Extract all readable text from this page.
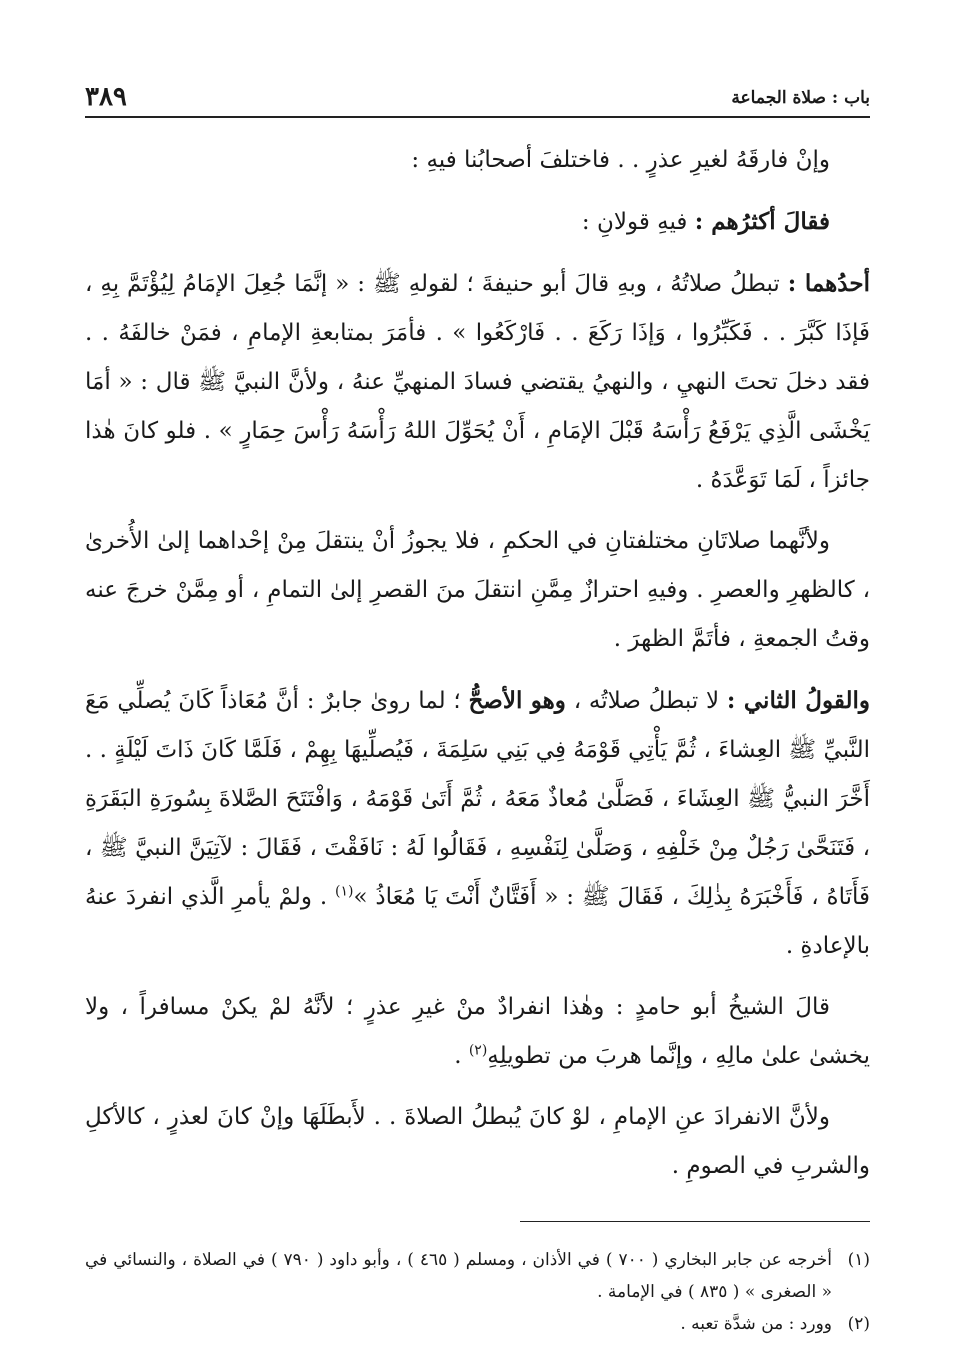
باب : صلاة الجماعة
٣٨٩

وإنْ فارقَهُ لغيرِ عذرٍ . . فاختلفَ أصحابُنا فيهِ :

فقالَ أكثرُهم : فيهِ قولانِ :

أحدُهما : تبطلُ صلاتُهُ ، وبهِ قالَ أبو حنيفةَ ؛ لقولهِ ﷺ : « إنَّمَا جُعِلَ الإمَامُ لِيُؤْتَمَّ بِهِ ، فَإذَا كَبَّرَ . . فَكَبِّرُوا ، وَإذَا رَكَعَ . . فَارْكَعُوا » . فأمَرَ بمتابعةِ الإمامِ ، فمَنْ خالفَهُ . . فقد دخلَ تحتَ النهيِ ، والنهيُ يقتضي فسادَ المنهيِّ عنهُ ، ولأنَّ النبيَّ ﷺ قال : « أمَا يَخْشَى الَّذِي يَرْفَعُ رَأْسَهُ قَبْلَ الإمَامِ ، أَنْ يُحَوِّلَ اللهُ رَأْسَهُ رَأْسَ حِمَارٍ » . فلو كانَ هٰذا جائزاً ، لَمَا تَوَعَّدَهُ .

ولأنَّهما صلاتَانِ مختلفتانِ في الحكمِ ، فلا يجوزُ أنْ ينتقلَ مِنْ إحْداهما إلىٰ الأُخرىٰ ، كالظهرِ والعصرِ . وفيهِ احترازٌ مِمَّنِ انتقلَ منَ القصرِ إلىٰ التمامِ ، أو مِمَّنْ خرجَ عنه وقتُ الجمعةِ ، فأتَمَّ الظهرَ .

والقولُ الثاني : لا تبطلُ صلاتُه ، وهو الأصحُّ ؛ لما روىٰ جابرٌ : أنَّ مُعَاذاً كَانَ يُصلِّي مَعَ النَّبيِّ ﷺ العِشاءَ ، ثُمَّ يَأْتِي قَوْمَهُ فِي بَنِي سَلِمَةَ ، فَيُصلِّيهَا بِهِمْ ، فَلَمَّا كَانَ ذَاتَ لَيْلَةٍ . . أَخَّرَ النبيُّ ﷺ العِشَاءَ ، فَصَلَّىٰ مُعاذٌ مَعَهُ ، ثُمَّ أَتَىٰ قَوْمَهُ ، وَافْتَتَحَ الصَّلاةَ بِسُورَةِ البَقَرَةِ ، فَتَنَحَّىٰ رَجُلٌ مِنْ خَلْفِهِ ، وَصَلَّىٰ لِنَفْسِهِ ، فَقَالُوا لَهُ : نَافَقْتَ ، فَقَالَ : لآتِيَنَّ النبيَّ ﷺ ، فَأَتَاهُ ، فَأَخْبَرَهُ بِذٰلِكَ ، فَقَالَ ﷺ : « أَفَتَّانٌ أَنْتَ يَا مُعَاذُ »$^{(١)}$ . ولمْ يأمرِ الَّذي انفردَ عنهُ بالإعادةِ .

قالَ الشيخُ أبو حامدٍ : وهٰذا انفرادٌ منْ غيرِ عذرٍ ؛ لأنَّهُ لمْ يكنْ مسافراً ، ولا يخشىٰ علىٰ مالِهِ ، وإنَّما هربَ من تطويلِهِ$^{(٢)}$ .

ولأنَّ الانفرادَ عنِ الإمامِ ، لوْ كانَ يُبطلُ الصلاةَ . . لأَبطَلَهَا وإنْ كانَ لعذرٍ ، كالأكلِ والشربِ في الصومِ .

(١)
أخرجه عن جابر البخاري ( ٧٠٠ ) في الأذان ، ومسلم ( ٤٦٥ ) ، وأبو داود ( ٧٩٠ ) في الصلاة ، والنسائي في « الصغرى » ( ٨٣٥ ) في الإمامة .
(٢)
وورد : من شدَّة تعبه .
